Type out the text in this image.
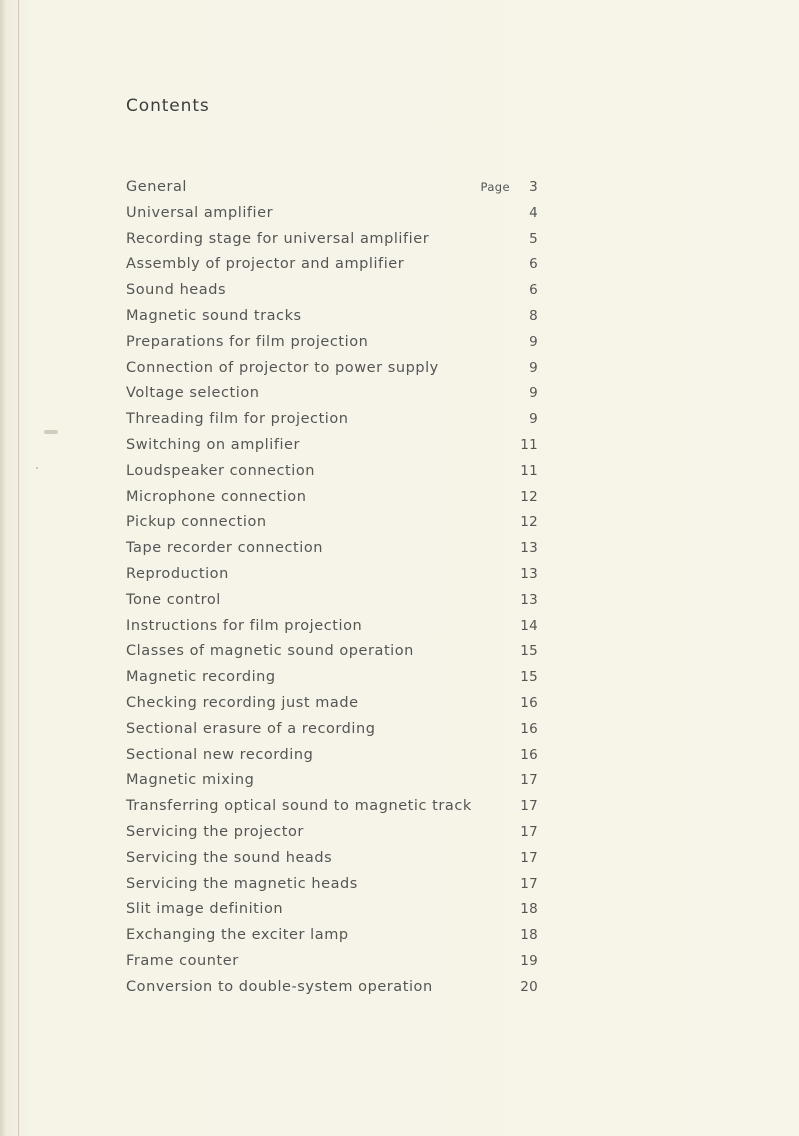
Contents
General	Page 3
Universal amplifier	4
Recording stage for universal amplifier	5
Assembly of projector and amplifier	6
Sound heads	6
Magnetic sound tracks	8
Preparations for film projection	9
Connection of projector to power supply	9
Voltage selection	9
Threading film for projection	9
Switching on amplifier	11
Loudspeaker connection	11
Microphone connection	12
Pickup connection	12
Tape recorder connection	13
Reproduction	13
Tone control	13
Instructions for film projection	14
Classes of magnetic sound operation	15
Magnetic recording	15
Checking recording just made	16
Sectional erasure of a recording	16
Sectional new recording	16
Magnetic mixing	17
Transferring optical sound to magnetic track	17
Servicing the projector	17
Servicing the sound heads	17
Servicing the magnetic heads	17
Slit image definition	18
Exchanging the exciter lamp	18
Frame counter	19
Conversion to double-system operation	20
